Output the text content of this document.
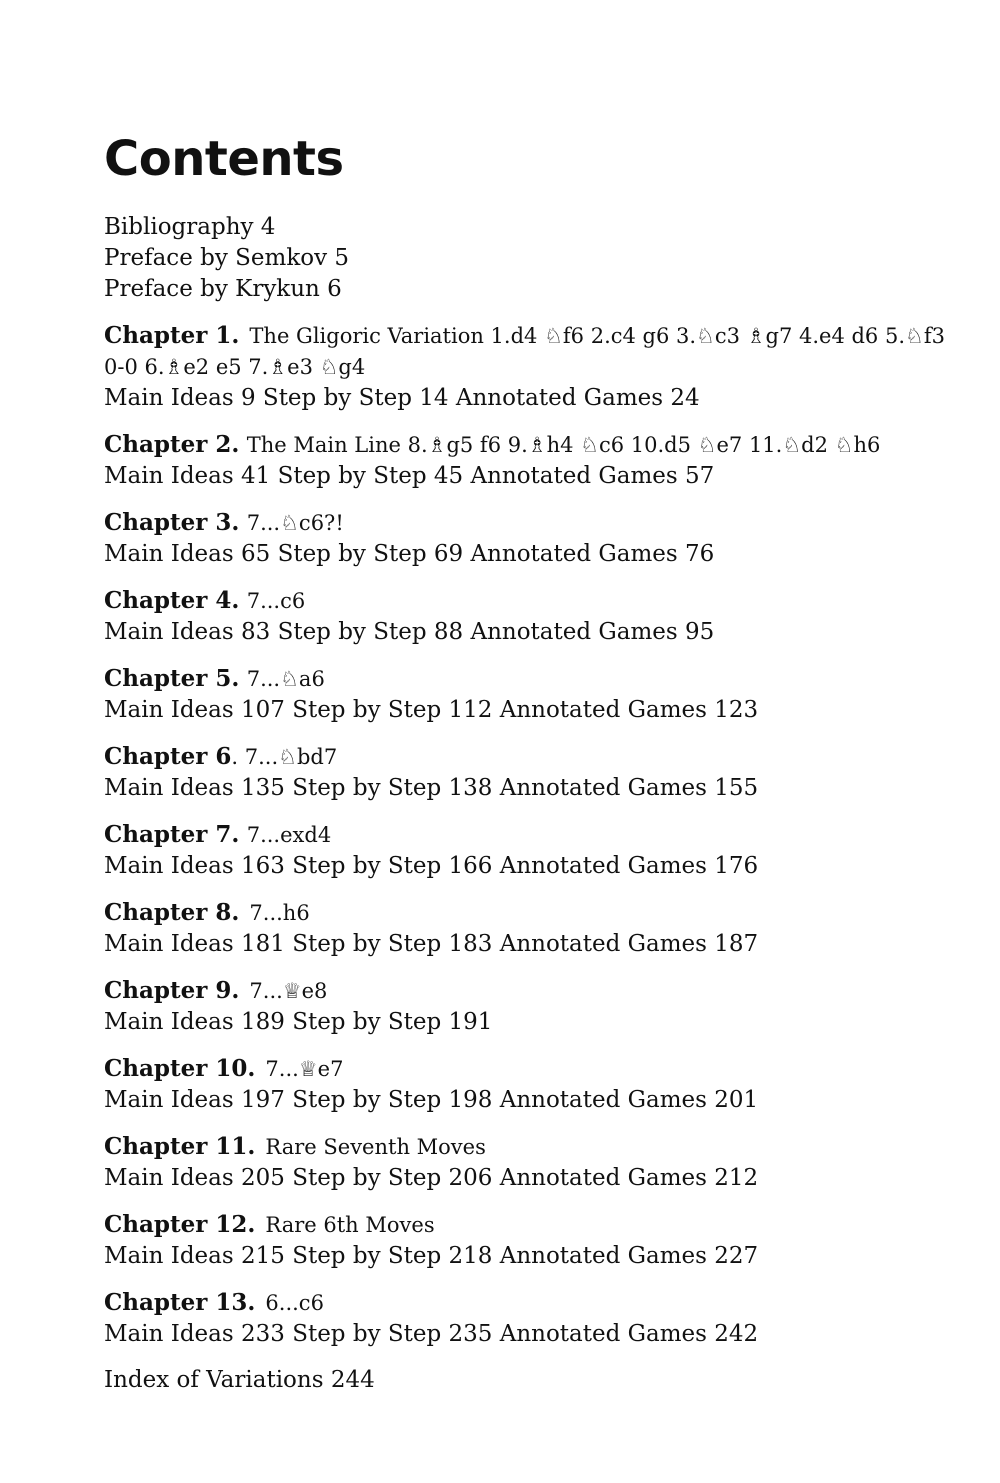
Contents
Bibliography 4
Preface by Semkov 5
Preface by Krykun 6
Chapter 1. The Gligoric Variation 1.d4 ♘f6 2.c4 g6 3.♘c3 ♗g7 4.e4 d6 5.♘f3 0-0 6.♗e2 e5 7.♗e3 ♘g4
Main Ideas 9 Step by Step 14 Annotated Games 24
Chapter 2. The Main Line 8.♗g5 f6 9.♗h4 ♘c6 10.d5 ♘e7 11.♘d2 ♘h6
Main Ideas 41 Step by Step 45 Annotated Games 57
Chapter 3. 7...♘c6?!
Main Ideas 65 Step by Step 69 Annotated Games 76
Chapter 4. 7...c6
Main Ideas 83 Step by Step 88 Annotated Games 95
Chapter 5. 7...♘a6
Main Ideas 107 Step by Step 112 Annotated Games 123
Chapter 6. 7...♘bd7
Main Ideas 135 Step by Step 138 Annotated Games 155
Chapter 7. 7...exd4
Main Ideas 163 Step by Step 166 Annotated Games 176
Chapter 8. 7...h6
Main Ideas 181 Step by Step 183 Annotated Games 187
Chapter 9. 7...♕e8
Main Ideas 189 Step by Step 191
Chapter 10. 7...♕e7
Main Ideas 197 Step by Step 198 Annotated Games 201
Chapter 11. Rare Seventh Moves
Main Ideas 205 Step by Step 206 Annotated Games 212
Chapter 12. Rare 6th Moves
Main Ideas 215 Step by Step 218 Annotated Games 227
Chapter 13. 6...c6
Main Ideas 233 Step by Step 235 Annotated Games 242
Index of Variations 244
